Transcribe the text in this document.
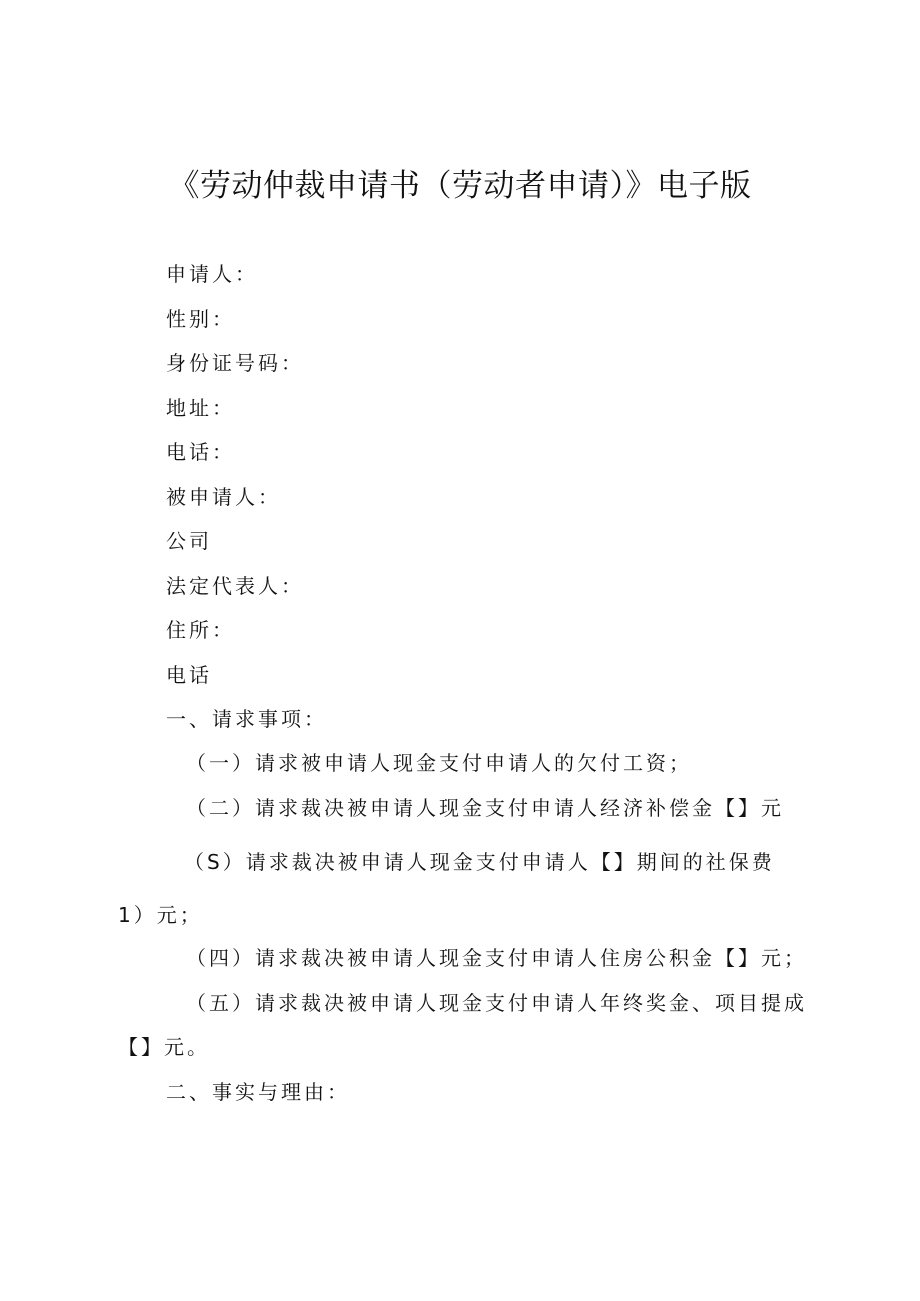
《劳动仲裁申请书（劳动者申请）》电子版
申请人：
性别：
身份证号码：
地址：
电话：
被申请人：
公司
法定代表人：
住所：
电话
一、请求事项：
（一）请求被申请人现金支付申请人的欠付工资；
（二）请求裁决被申请人现金支付申请人经济补偿金【】元
（S）请求裁决被申请人现金支付申请人【】期间的社保费
1）元；
（四）请求裁决被申请人现金支付申请人住房公积金【】元；
（五）请求裁决被申请人现金支付申请人年终奖金、项目提成
【】元。
二、事实与理由：
